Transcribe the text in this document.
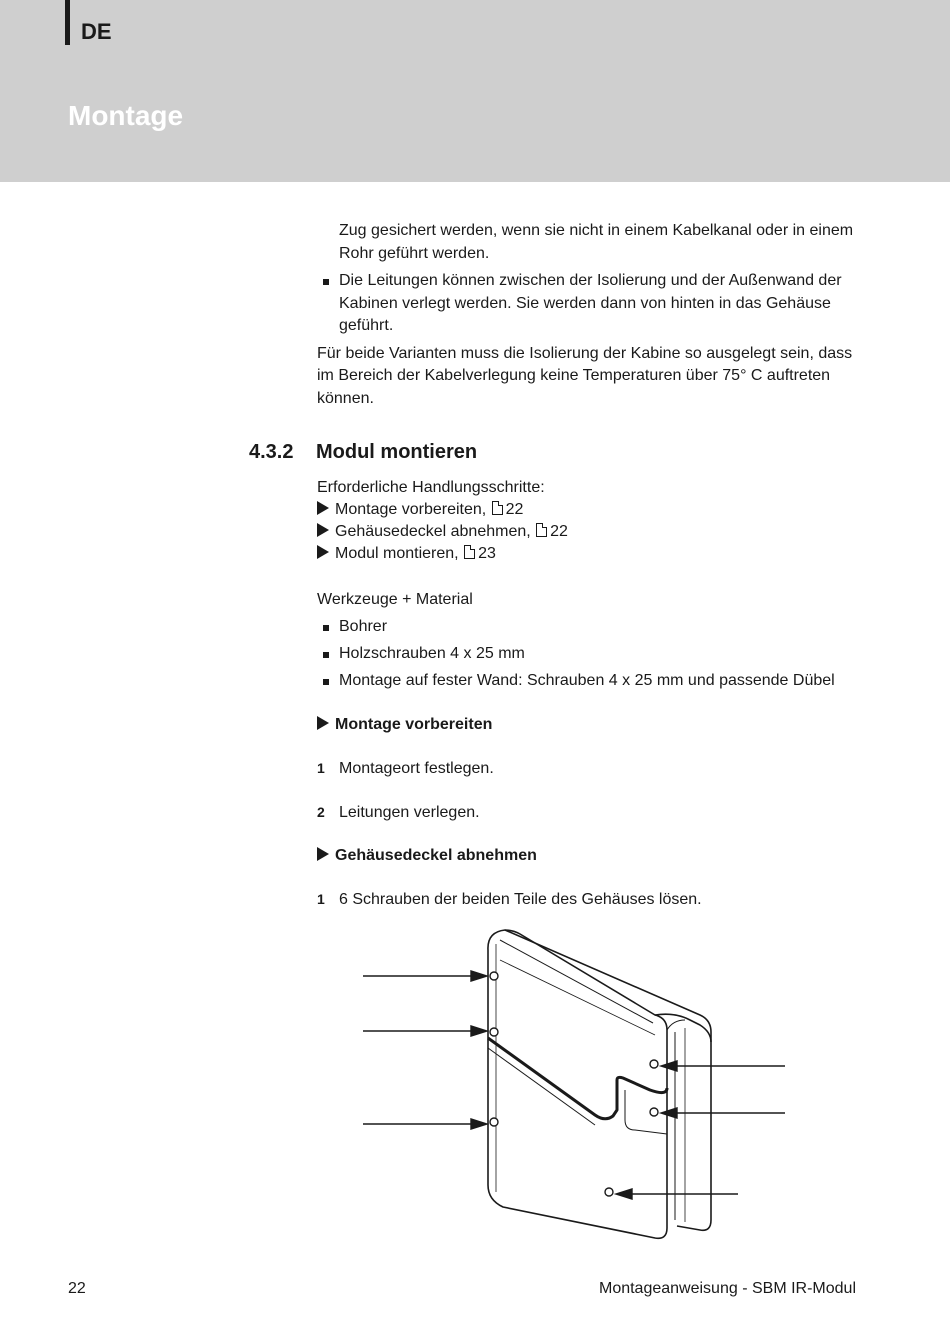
DE
Montage

Zug gesichert werden, wenn sie nicht in einem Kabelkanal oder in einem Rohr geführt werden.

Die Leitungen können zwischen der Isolierung und der Außenwand der Kabinen verlegt werden. Sie werden dann von hinten in das Gehäuse geführt.

Für beide Varianten muss die Isolierung der Kabine so ausgelegt sein, dass im Bereich der Kabelverlegung keine Temperaturen über 75° C auftreten können.

4.3.2 Modul montieren
Erforderliche Handlungsschritte:
Montage vorbereiten, 22
Gehäusedeckel abnehmen, 22
Modul montieren, 23
Werkzeuge + Material
Bohrer
Holzschrauben 4 x 25 mm
Montage auf fester Wand: Schrauben 4 x 25 mm und passende Dübel
Montage vorbereiten
1 Montageort festlegen.
2 Leitungen verlegen.
Gehäusedeckel abnehmen
1 6 Schrauben der beiden Teile des Gehäuses lösen.
22	Montageanweisung - SBM IR-Modul
